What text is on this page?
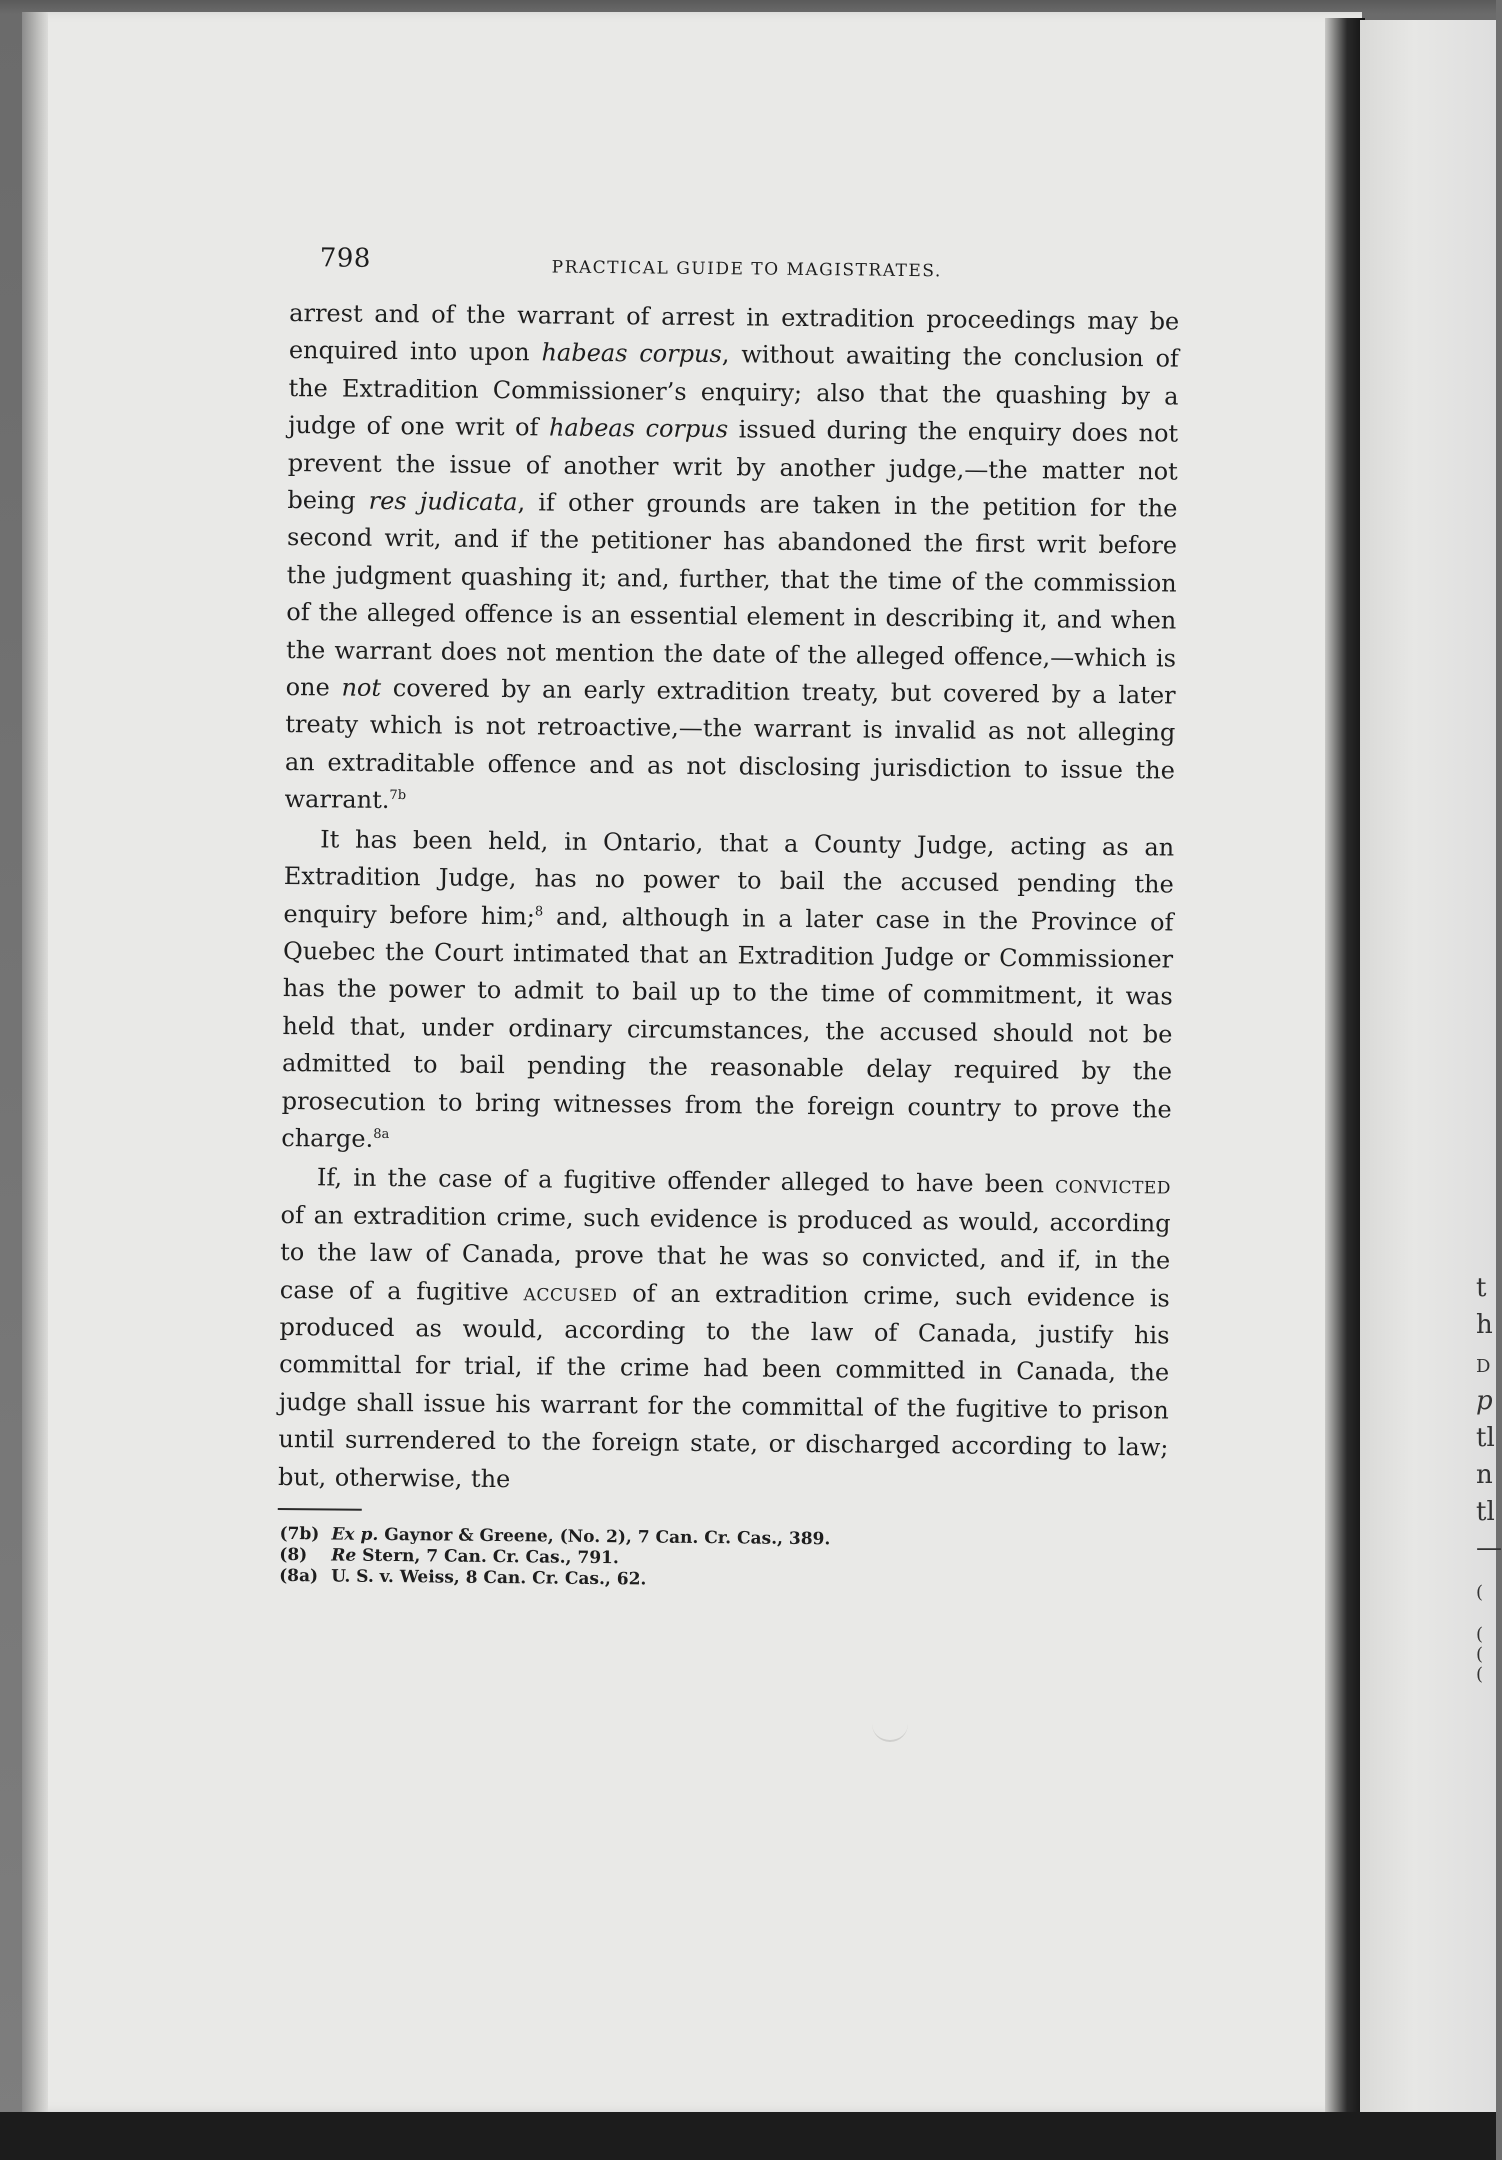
t
h
D
p
tl
n
tl
—
(
(
(
(
798	PRACTICAL GUIDE TO MAGISTRATES.

arrest and of the warrant of arrest in extradition proceedings may be enquired into upon habeas corpus, without awaiting the conclusion of the Extradition Commissioner’s enquiry; also that the quashing by a judge of one writ of habeas corpus issued during the enquiry does not prevent the issue of another writ by another judge,—the matter not being res judicata, if other grounds are taken in the petition for the second writ, and if the petitioner has abandoned the first writ before the judgment quashing it; and, further, that the time of the commission of the alleged offence is an essential element in describing it, and when the warrant does not mention the date of the alleged offence,—which is one not covered by an early extradition treaty, but covered by a later treaty which is not retroactive,—the warrant is invalid as not alleging an extraditable offence and as not disclosing jurisdiction to issue the warrant.$^{7b}$

It has been held, in Ontario, that a County Judge, acting as an Extradition Judge, has no power to bail the accused pending the enquiry before him;$^8$ and, although in a later case in the Province of Quebec the Court intimated that an Extradition Judge or Commissioner has the power to admit to bail up to the time of commitment, it was held that, under ordinary circumstances, the accused should not be admitted to bail pending the reasonable delay required by the prosecution to bring witnesses from the foreign country to prove the charge.$^{8a}$

If, in the case of a fugitive offender alleged to have been convicted of an extradition crime, such evidence is produced as would, according to the law of Canada, prove that he was so convicted, and if, in the case of a fugitive accused of an extradition crime, such evidence is produced as would, according to the law of Canada, justify his committal for trial, if the crime had been committed in Canada, the judge shall issue his warrant for the committal of the fugitive to prison until surrendered to the foreign state, or discharged according to law; but, otherwise, the

(7b) Ex p. Gaynor & Greene, (No. 2), 7 Can. Cr. Cas., 389.
(8) Re Stern, 7 Can. Cr. Cas., 791.
(8a) U. S. v. Weiss, 8 Can. Cr. Cas., 62.
